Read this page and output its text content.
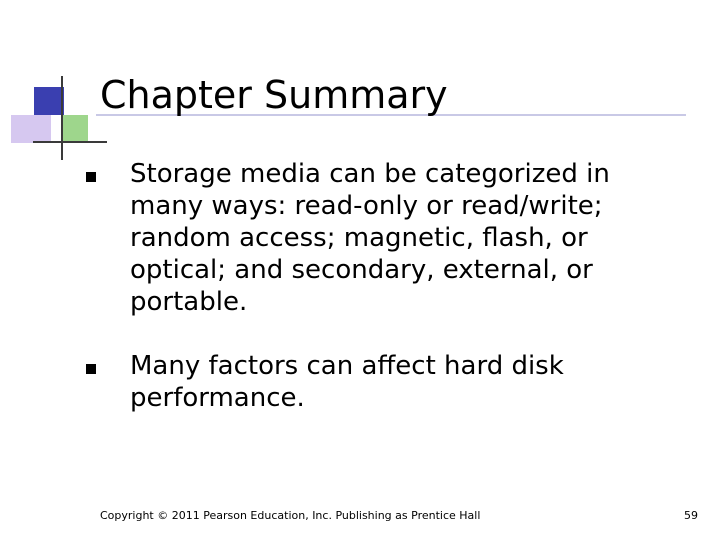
Chapter Summary
Storage media can be categorized in many ways: read-only or read/write; random access; magnetic, flash, or optical; and secondary, external, or portable.
Many factors can affect hard disk performance.
Copyright © 2011 Pearson Education, Inc. Publishing as Prentice Hall	59
